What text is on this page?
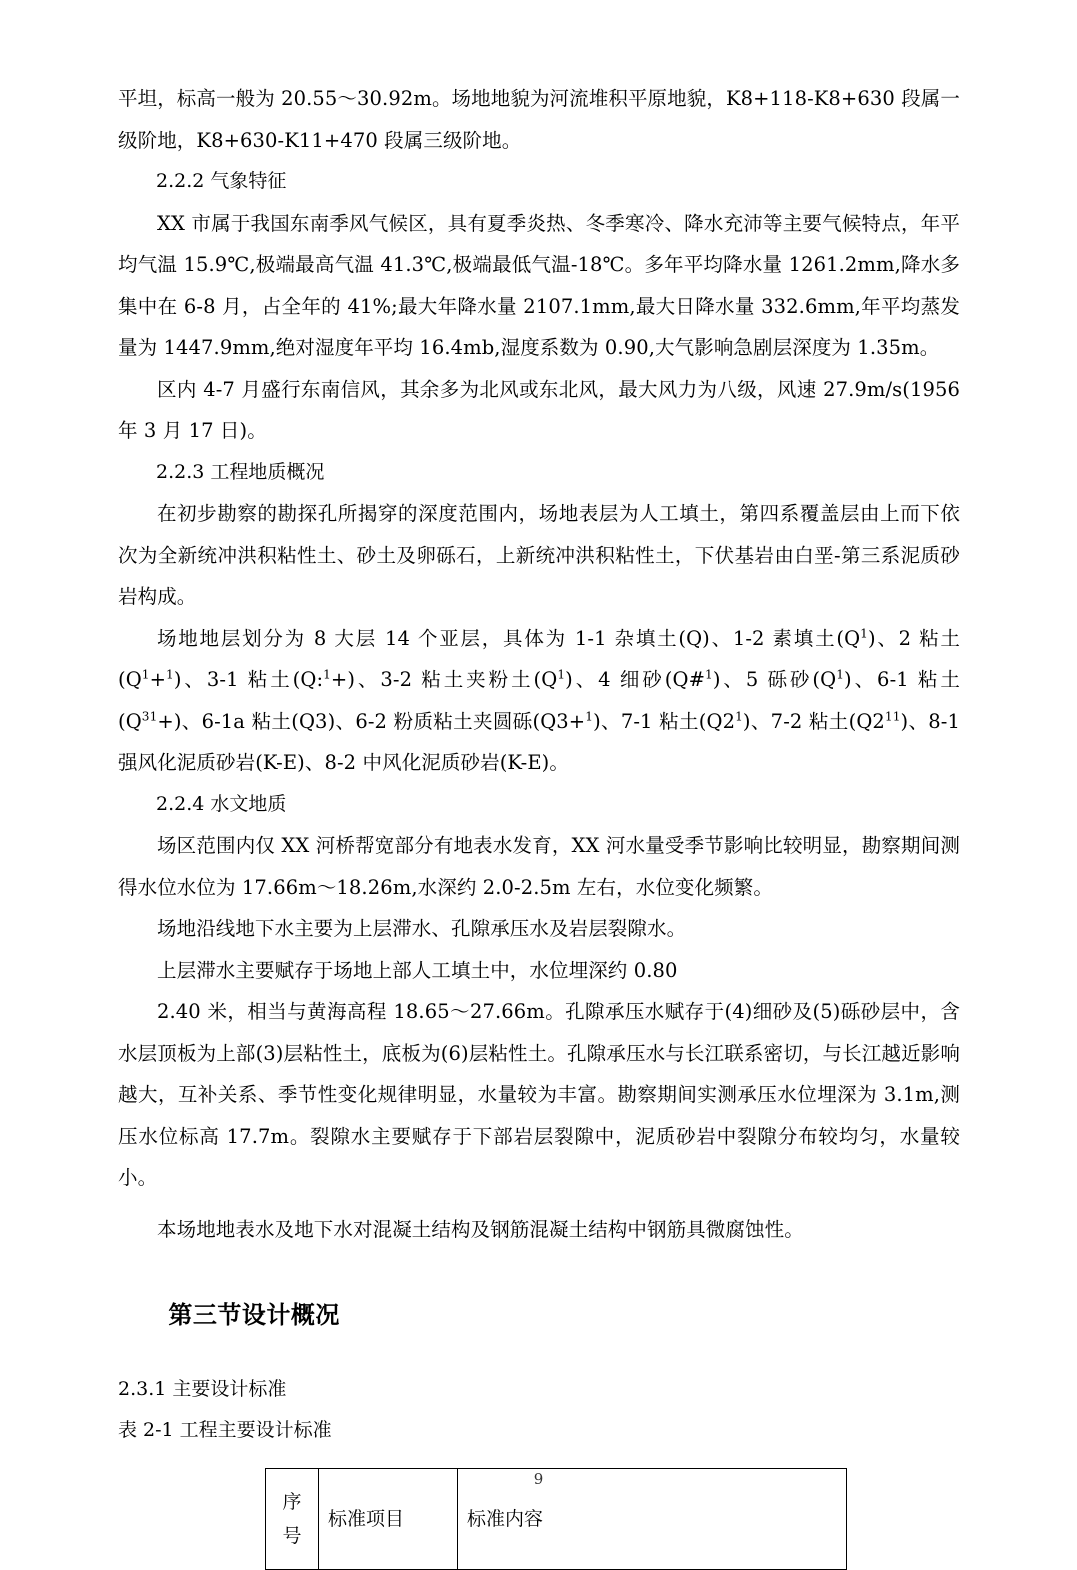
平坦，标高一般为 20.55～30.92m。场地地貌为河流堆积平原地貌，K8+118-K8+630 段属一级阶地，K8+630-K11+470 段属三级阶地。

2.2.2 气象特征

XX 市属于我国东南季风气候区，具有夏季炎热、冬季寒冷、降水充沛等主要气候特点，年平均气温 15.9℃,极端最高气温 41.3℃,极端最低气温-18℃。多年平均降水量 1261.2mm,降水多集中在 6-8 月，占全年的 41%;最大年降水量 2107.1mm,最大日降水量 332.6mm,年平均蒸发量为 1447.9mm,绝对湿度年平均 16.4mb,湿度系数为 0.90,大气影响急剧层深度为 1.35m。

区内 4-7 月盛行东南信风，其余多为北风或东北风，最大风力为八级，风速 27.9m/s(1956 年 3 月 17 日)。

2.2.3 工程地质概况

在初步勘察的勘探孔所揭穿的深度范围内，场地表层为人工填土，第四系覆盖层由上而下依次为全新统冲洪积粘性土、砂土及卵砾石，上新统冲洪积粘性土，下伏基岩由白垩-第三系泥质砂岩构成。

场地地层划分为 8 大层 14 个亚层，具体为 1-1 杂填土(Q)、1-2 素填土$(Q^1)$、2 粘土$(Q^1+^1)$、3-1 粘土(Q:$^1$+)、3-2 粘土夹粉土$(Q^1)$、4 细砂(Q#$^1$)、5 砾砂$(Q^1)$、6-1 粘土$(Q^{31}+)$、6-1a 粘土(Q3)、6-2 粉质粘土夹圆砾(Q3+$^1$)、7-1 粘土$(Q2^1)$、7-2 粘土$(Q2^{11})$、8-1 强风化泥质砂岩(K-E)、8-2 中风化泥质砂岩(K-E)。

2.2.4 水文地质

场区范围内仅 XX 河桥帮宽部分有地表水发育，XX 河水量受季节影响比较明显，勘察期间测得水位水位为 17.66m～18.26m,水深约 2.0-2.5m 左右，水位变化频繁。

场地沿线地下水主要为上层滞水、孔隙承压水及岩层裂隙水。

上层滞水主要赋存于场地上部人工填土中，水位埋深约 0.80

2.40 米，相当与黄海高程 18.65～27.66m。孔隙承压水赋存于(4)细砂及(5)砾砂层中，含水层顶板为上部(3)层粘性土，底板为(6)层粘性土。孔隙承压水与长江联系密切，与长江越近影响越大，互补关系、季节性变化规律明显，水量较为丰富。勘察期间实测承压水位埋深为 3.1m,测压水位标高 17.7m。裂隙水主要赋存于下部岩层裂隙中，泥质砂岩中裂隙分布较均匀，水量较小。

本场地地表水及地下水对混凝土结构及钢筋混凝土结构中钢筋具微腐蚀性。

第三节设计概况

2.3.1 主要设计标准

表 2-1 工程主要设计标准

序
号	标准项目	标准内容
9
